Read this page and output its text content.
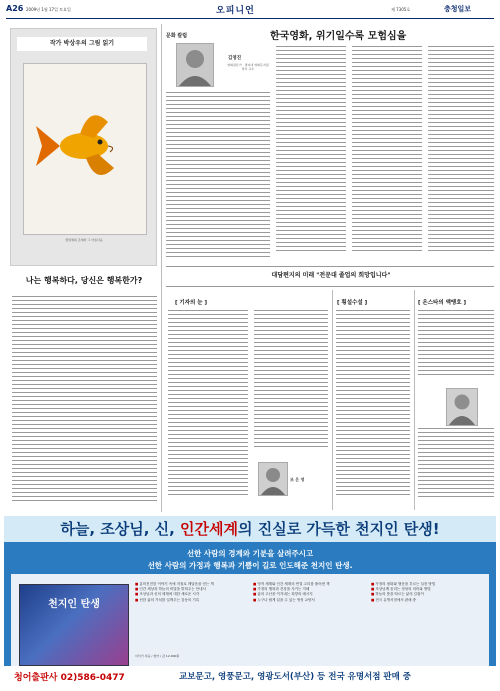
A26 2009년 1월 17일 토요일	오피니언	제 7305호	충청일보
작가 박상우의 그림 읽기
생명체의 존재와 그 아름다움
나는 행복하다, 당신은 행복한가?
문화 칼럼	한국영화, 위기일수록 모험심을
김영진
영화평론가 · 명지대 영화뮤지컬학부 교수
대담편지의 미래 "전문대 졸업의 희망입니다"
[ 기자의 눈 ]	[ 횡설수설 ]	[ 온스타의 액땡호 ]
조 은 영
하늘, 조상님, 신, 인간세계의 진실로 가득한 천지인 탄생!
선한 사람의 경계와 기분을 살려주시고
선한 사람의 가정과 행복과 기쁨이 길로 인도해준 천지인 탄생.
천지인 탄생
■ 흥미진진한 이야기 속에 저절로 깨달음을 얻는 책
■ 인간 세상과 하늘의 비밀을 밝혀주는 안내서
■ 조상님과 신의 세계에 대한 새로운 시각
■ 선한 삶의 가치를 일깨우는 감동의 기록
■ 영적 세계와 인간 세계의 연결 고리를 풀어낸 책
■ 가정의 행복과 건강을 지키는 지혜
■ 삶의 고난을 이겨내는 희망의 메시지
■ 누구나 쉽게 읽을 수 있는 영성 교양서
■ 가정의 평화와 행운을 부르는 실천 방법
■ 조상님께 올리는 정성의 의미와 방법
■ 하늘의 뜻을 따르는 삶의 길잡이
■ 전국 유명서점에서 판매 중
이석기 지음 / 청어 / 값 12,000원
청어출판사 02)586-0477	교보문고, 영풍문고, 영광도서(부산) 등 전국 유명서점 판매 중
